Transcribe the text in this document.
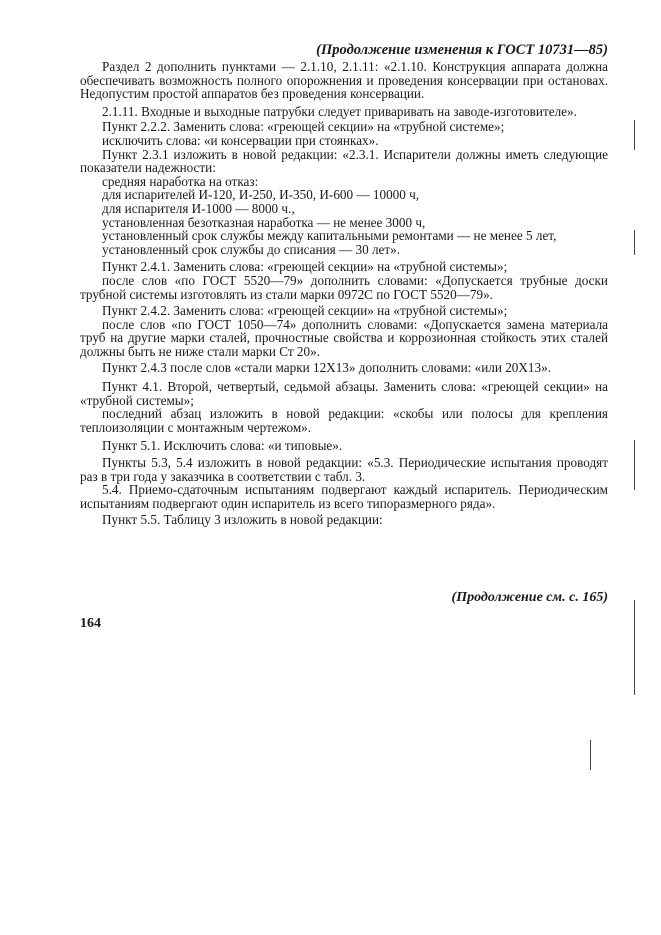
(Продолжение изменения к ГОСТ 10731—85)

Раздел 2 дополнить пунктами — 2.1.10, 2.1.11: «2.1.10. Конструкция аппарата должна обеспечивать возможность полного опорожнения и проведения консервации при остановах. Недопустим простой аппаратов без проведения консервации.

2.1.11. Входные и выходные патрубки следует приваривать на заводе-изготовителе».

Пункт 2.2.2. Заменить слова: «греющей секции» на «трубной системе»;

исключить слова: «и консервации при стоянках».

Пункт 2.3.1 изложить в новой редакции: «2.3.1. Испарители должны иметь следующие показатели надежности:

средняя наработка на отказ:

для испарителей И-120, И-250, И-350, И-600 — 10000 ч,

для испарителя И-1000 — 8000 ч.,

установленная безотказная наработка — не менее 3000 ч,

установленный срок службы между капитальными ремонтами — не менее 5 лет,

установленный срок службы до списания — 30 лет».

Пункт 2.4.1. Заменить слова: «греющей секции» на «трубной системы»;

после слов «по ГОСТ 5520—79» дополнить словами: «Допускается трубные доски трубной системы изготовлять из стали марки 0972С по ГОСТ 5520—79».

Пункт 2.4.2. Заменить слова: «греющей секции» на «трубной системы»;

после слов «по ГОСТ 1050—74» дополнить словами: «Допускается замена материала труб на другие марки сталей, прочностные свойства и коррозионная стойкость этих сталей должны быть не ниже стали марки Ст 20».

Пункт 2.4.3 после слов «стали марки 12Х13» дополнить словами: «или 20Х13».

Пункт 4.1. Второй, четвертый, седьмой абзацы. Заменить слова: «греющей секции» на «трубной системы»;

последний абзац изложить в новой редакции: «скобы или полосы для крепления теплоизоляции с монтажным чертежом».

Пункт 5.1. Исключить слова: «и типовые».

Пункты 5.3, 5.4 изложить в новой редакции: «5.3. Периодические испытания проводят раз в три года у заказчика в соответствии с табл. 3.

5.4. Приемо-сдаточным испытаниям подвергают каждый испаритель. Периодическим испытаниям подвергают один испаритель из всего типоразмерного ряда».

Пункт 5.5. Таблицу 3 изложить в новой редакции:

(Продолжение см. с. 165)
164
